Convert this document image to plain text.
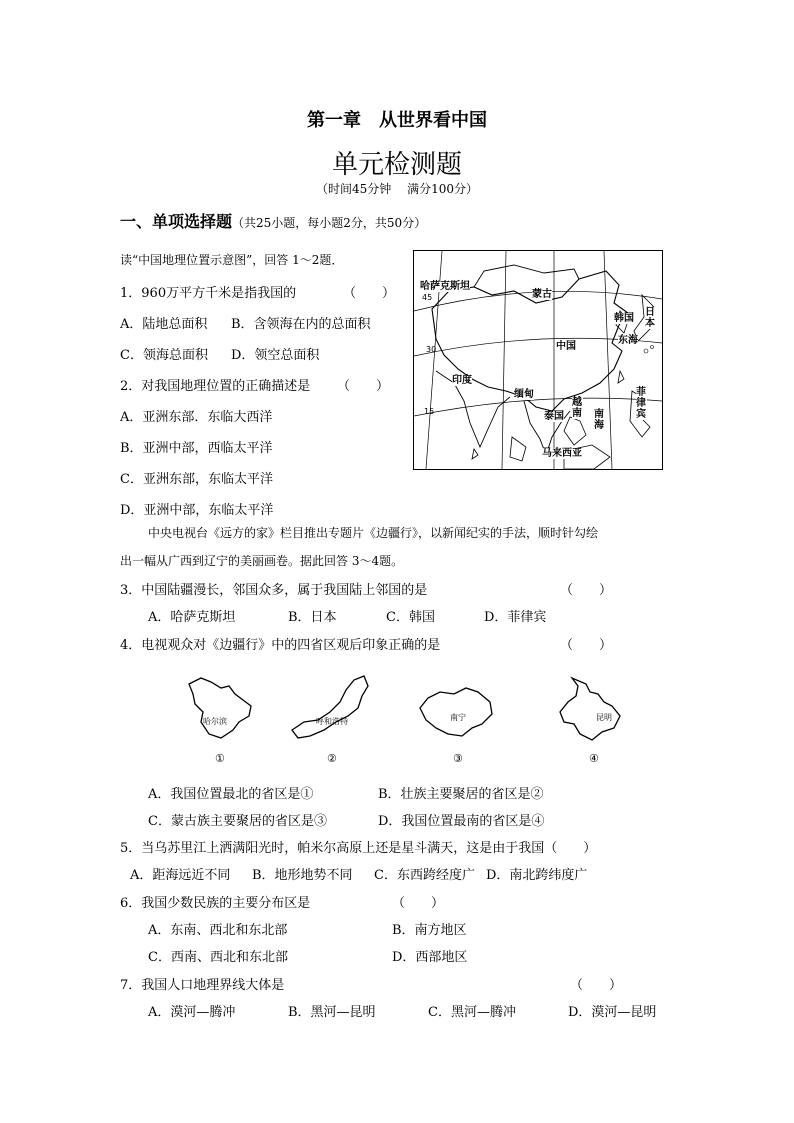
第一章　从世界看中国
单元检测题
（时间45分钟　 满分100分）
一、单项选择题（共25小题，每小题2分，共50分）
读“中国地理位置示意图”，回答 1～2题．
1．960万平方千米是指我国的	（　　）
A．陆地总面积 B．含领海在内的总面积
C．领海总面积 D．领空总面积
2．对我国地理位置的正确描述是 （　　）
A．亚洲东部．东临大西洋
B．亚洲中部，西临太平洋
C．亚洲东部，东临太平洋
D．亚洲中部，东临太平洋
哈萨克斯坦
蒙古
韩国
日本
中国
东海
印度
缅甸
泰国
越南 南海
菲律宾
马来西亚
45
30
15
中央电视台《远方的家》栏目推出专题片《边疆行》，以新闻纪实的手法，顺时针勾绘
出一幅从广西到辽宁的美丽画卷。据此回答 3～4题。
3．中国陆疆漫长，邻国众多，属于我国陆上邻国的是	（　　）
A．哈萨克斯坦	B．日本	C．韩国	D．菲律宾
4．电视观众对《边疆行》中的四省区观后印象正确的是	（　　）
哈尔滨
①
呼和浩特
②
南宁
③
昆明
④
A．我国位置最北的省区是①	B．壮族主要聚居的省区是②
C．蒙古族主要聚居的省区是③	D．我国位置最南的省区是④
5．当乌苏里江上洒满阳光时，帕米尔高原上还是星斗满天，这是由于我国（　　）
A．距海远近不同 B．地形地势不同 C．东西跨经度广 D．南北跨纬度广
6．我国少数民族的主要分布区是	（　　）
A．东南、西北和东北部	B．南方地区
C．西南、西北和东北部	D．西部地区
7．我国人口地理界线大体是	（　　）
A．漠河—腾冲	B．黑河—昆明	C．黑河—腾冲	D．漠河—昆明
